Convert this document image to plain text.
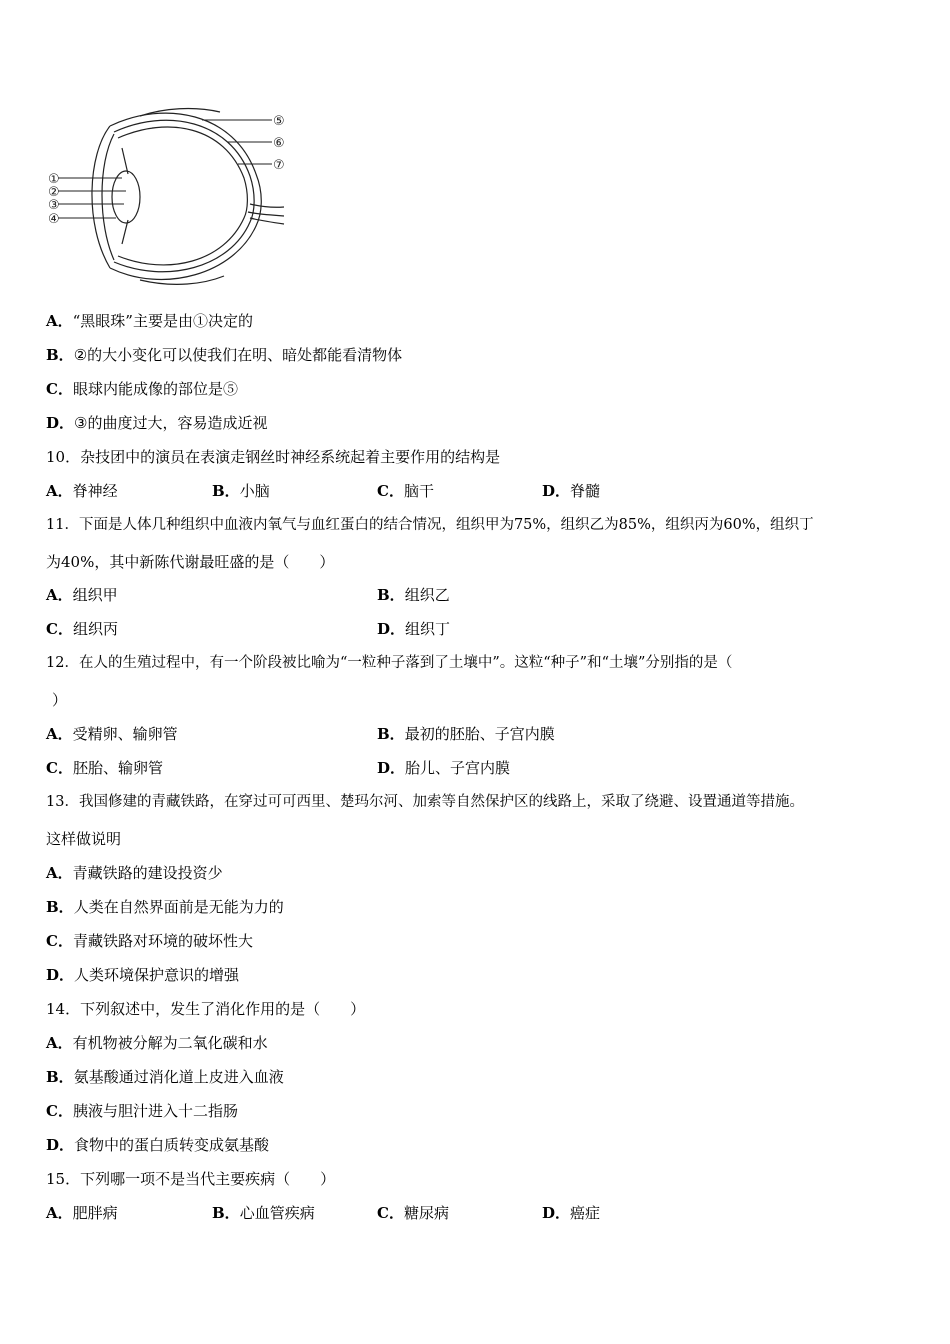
①
②
③
④
⑤
⑥
⑦
A．“黑眼珠”主要是由①决定的
B．②的大小变化可以使我们在明、暗处都能看清物体
C．眼球内能成像的部位是⑤
D．③的曲度过大，容易造成近视
10．杂技团中的演员在表演走钢丝时神经系统起着主要作用的结构是
A．脊神经	B．小脑	C．脑干	D．脊髓
11．下面是人体几种组织中血液内氧气与血红蛋白的结合情况，组织甲为75%，组织乙为85%，组织丙为60%，组织丁
为40%，其中新陈代谢最旺盛的是（　　）
A．组织甲	B．组织乙
C．组织丙	D．组织丁
12．在人的生殖过程中，有一个阶段被比喻为“一粒种子落到了土壤中”。这粒“种子”和“土壤”分别指的是（
）
A．受精卵、输卵管	B．最初的胚胎、子宫内膜
C．胚胎、输卵管	D．胎儿、子宫内膜
13．我国修建的青藏铁路，在穿过可可西里、楚玛尔河、加索等自然保护区的线路上，采取了绕避、设置通道等措施。
这样做说明
A．青藏铁路的建设投资少
B．人类在自然界面前是无能为力的
C．青藏铁路对环境的破坏性大
D．人类环境保护意识的增强
14．下列叙述中，发生了消化作用的是（　　）
A．有机物被分解为二氧化碳和水
B．氨基酸通过消化道上皮进入血液
C．胰液与胆汁进入十二指肠
D．食物中的蛋白质转变成氨基酸
15．下列哪一项不是当代主要疾病（　　）
A．肥胖病	B．心血管疾病	C．糖尿病	D．癌症
